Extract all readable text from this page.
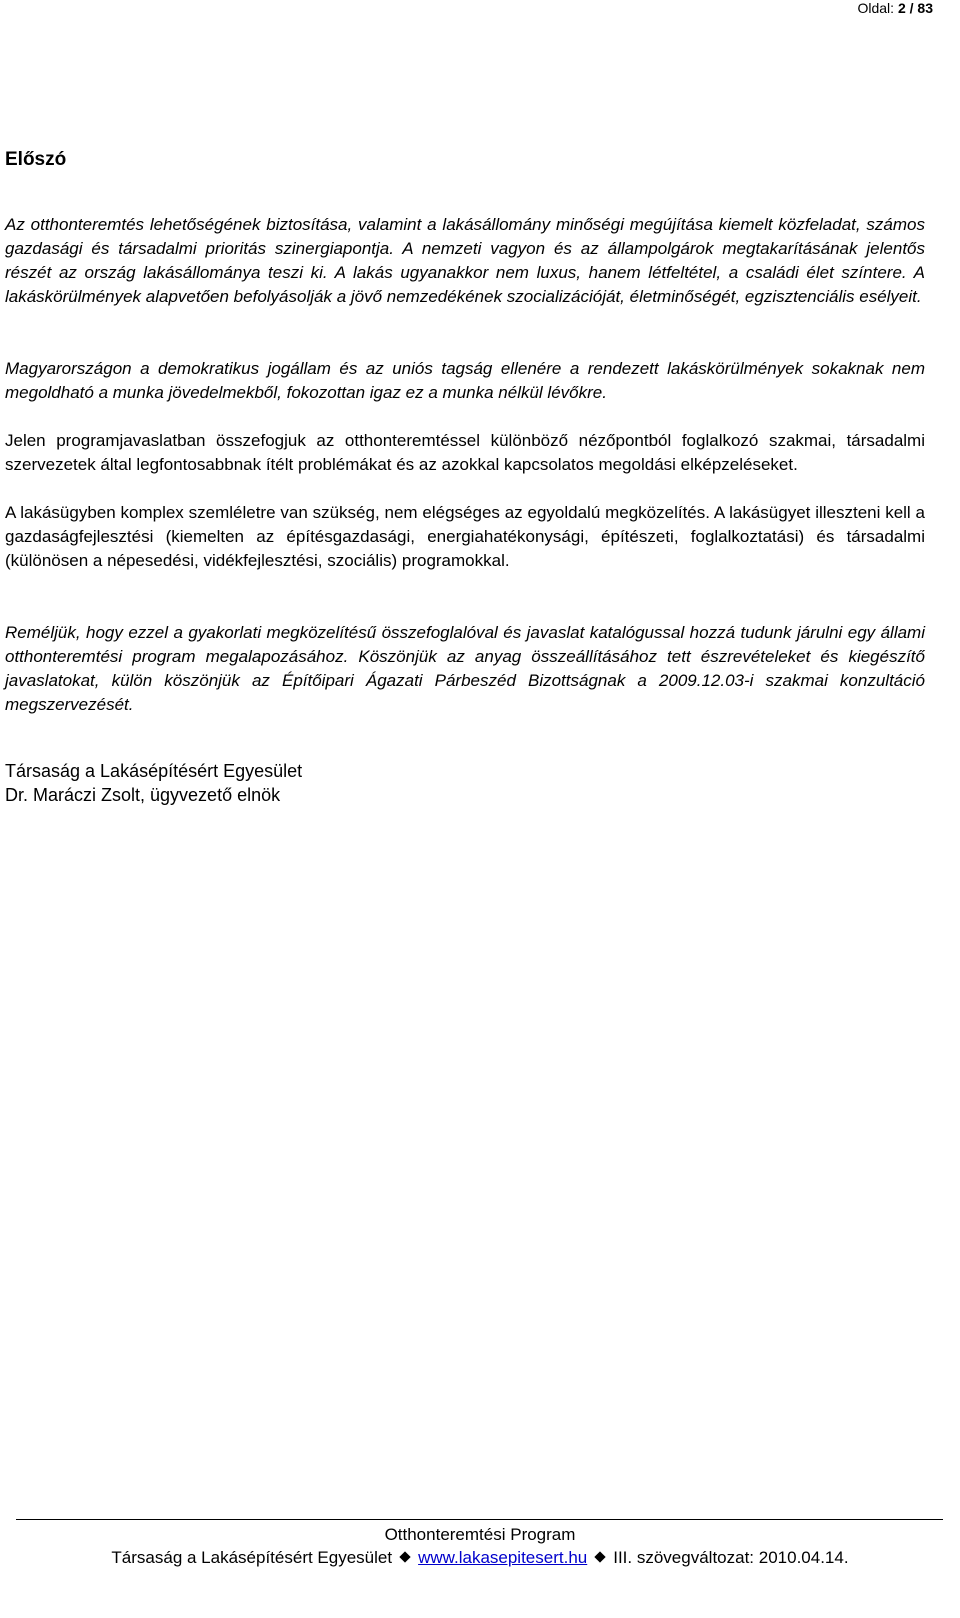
Oldal: 2 / 83
Előszó

Az otthonteremtés lehetőségének biztosítása, valamint a lakásállomány minőségi megújítása kiemelt közfeladat, számos gazdasági és társadalmi prioritás szinergiapontja. A nemzeti vagyon és az állampolgárok megtakarításának jelentős részét az ország lakásállománya teszi ki. A lakás ugyanakkor nem luxus, hanem létfeltétel, a családi élet színtere. A lakáskörülmények alapvetően befolyásolják a jövő nemzedékének szocializációját, életminőségét, egzisztenciális esélyeit.

Magyarországon a demokratikus jogállam és az uniós tagság ellenére a rendezett lakáskörülmények sokaknak nem megoldható a munka jövedelmekből, fokozottan igaz ez a munka nélkül lévőkre.

Jelen programjavaslatban összefogjuk az otthonteremtéssel különböző nézőpontból foglalkozó szakmai, társadalmi szervezetek által legfontosabbnak ítélt problémákat és az azokkal kapcsolatos megoldási elképzeléseket.

A lakásügyben komplex szemléletre van szükség, nem elégséges az egyoldalú megközelítés. A lakásügyet illeszteni kell a gazdaságfejlesztési (kiemelten az építésgazdasági, energiahatékonysági, építészeti, foglalkoztatási) és társadalmi (különösen a népesedési, vidékfejlesztési, szociális) programokkal.

Reméljük, hogy ezzel a gyakorlati megközelítésű összefoglalóval és javaslat katalógussal hozzá tudunk járulni egy állami otthonteremtési program megalapozásához. Köszönjük az anyag összeállításához tett észrevételeket és kiegészítő javaslatokat, külön köszönjük az Építőipari Ágazati Párbeszéd Bizottságnak a 2009.12.03-i szakmai konzultáció megszervezését.

Társaság a Lakásépítésért Egyesület
Dr. Maráczi Zsolt, ügyvezető elnök
Otthonteremtési Program
Társaság a Lakásépítésért Egyesület www.lakasepitesert.hu III. szövegváltozat: 2010.04.14.
